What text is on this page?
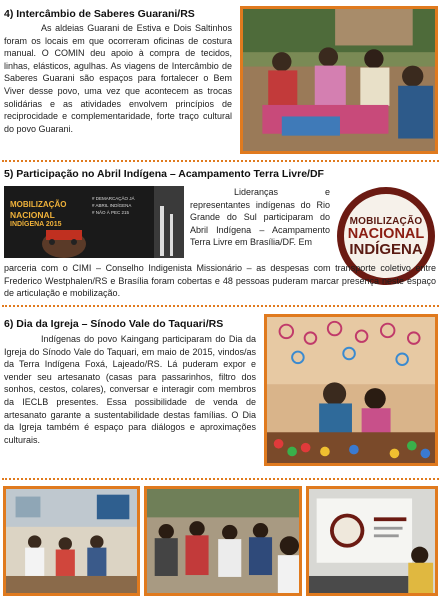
4) Intercâmbio de Saberes Guarani/RS

As aldeias Guarani de Estiva e Dois Saltinhos foram os locais em que ocorreram oficinas de costura manual. O COMIN deu apoio à compra de tecidos, linhas, elásticos, agulhas. As viagens de Intercâmbio de Saberes Guarani são espaços para fortalecer o Bem Viver desse povo, uma vez que acontecem as trocas solidárias e as atividades envolvem princípios de reciprocidade e complementaridade, forte traço cultural do povo Guarani.

5) Participação no Abril Indígena – Acampamento Terra Livre/DF
MOBILIZAÇÃO
NACIONAL
INDÍGENA 2015
# DEMARCAÇÃO JÁ
# ABRIL INDÍGENA
# NÃO À PEC 215

Lideranças e representantes indígenas do Rio Grande do Sul participaram do Abril Indígena – Acampamento Terra Livre em Brasília/DF. Em

MOBILIZAÇÃO
NACIONAL
INDÍGENA

parceria com o CIMI – Conselho Indigenista Missionário – as despesas com transporte coletivo entre Frederico Westphalen/RS e Brasília foram cobertas e 48 pessoas puderam marcar presença neste espaço de articulação e mobilização.

6) Dia da Igreja – Sínodo Vale do Taquari/RS

Indígenas do povo Kaingang participaram do Dia da Igreja do Sínodo Vale do Taquari, em maio de 2015, vindos/as da Terra Indígena Foxá, Lajeado/RS. Lá puderam expor e vender seu artesanato (casas para passarinhos, filtro dos sonhos, cestos, colares), conversar e interagir com membros da IECLB presentes. Essa possibilidade de venda de artesanato garante a sustentabilidade destas famílias. O Dia da Igreja também é espaço para diálogos e aproximações culturais.
